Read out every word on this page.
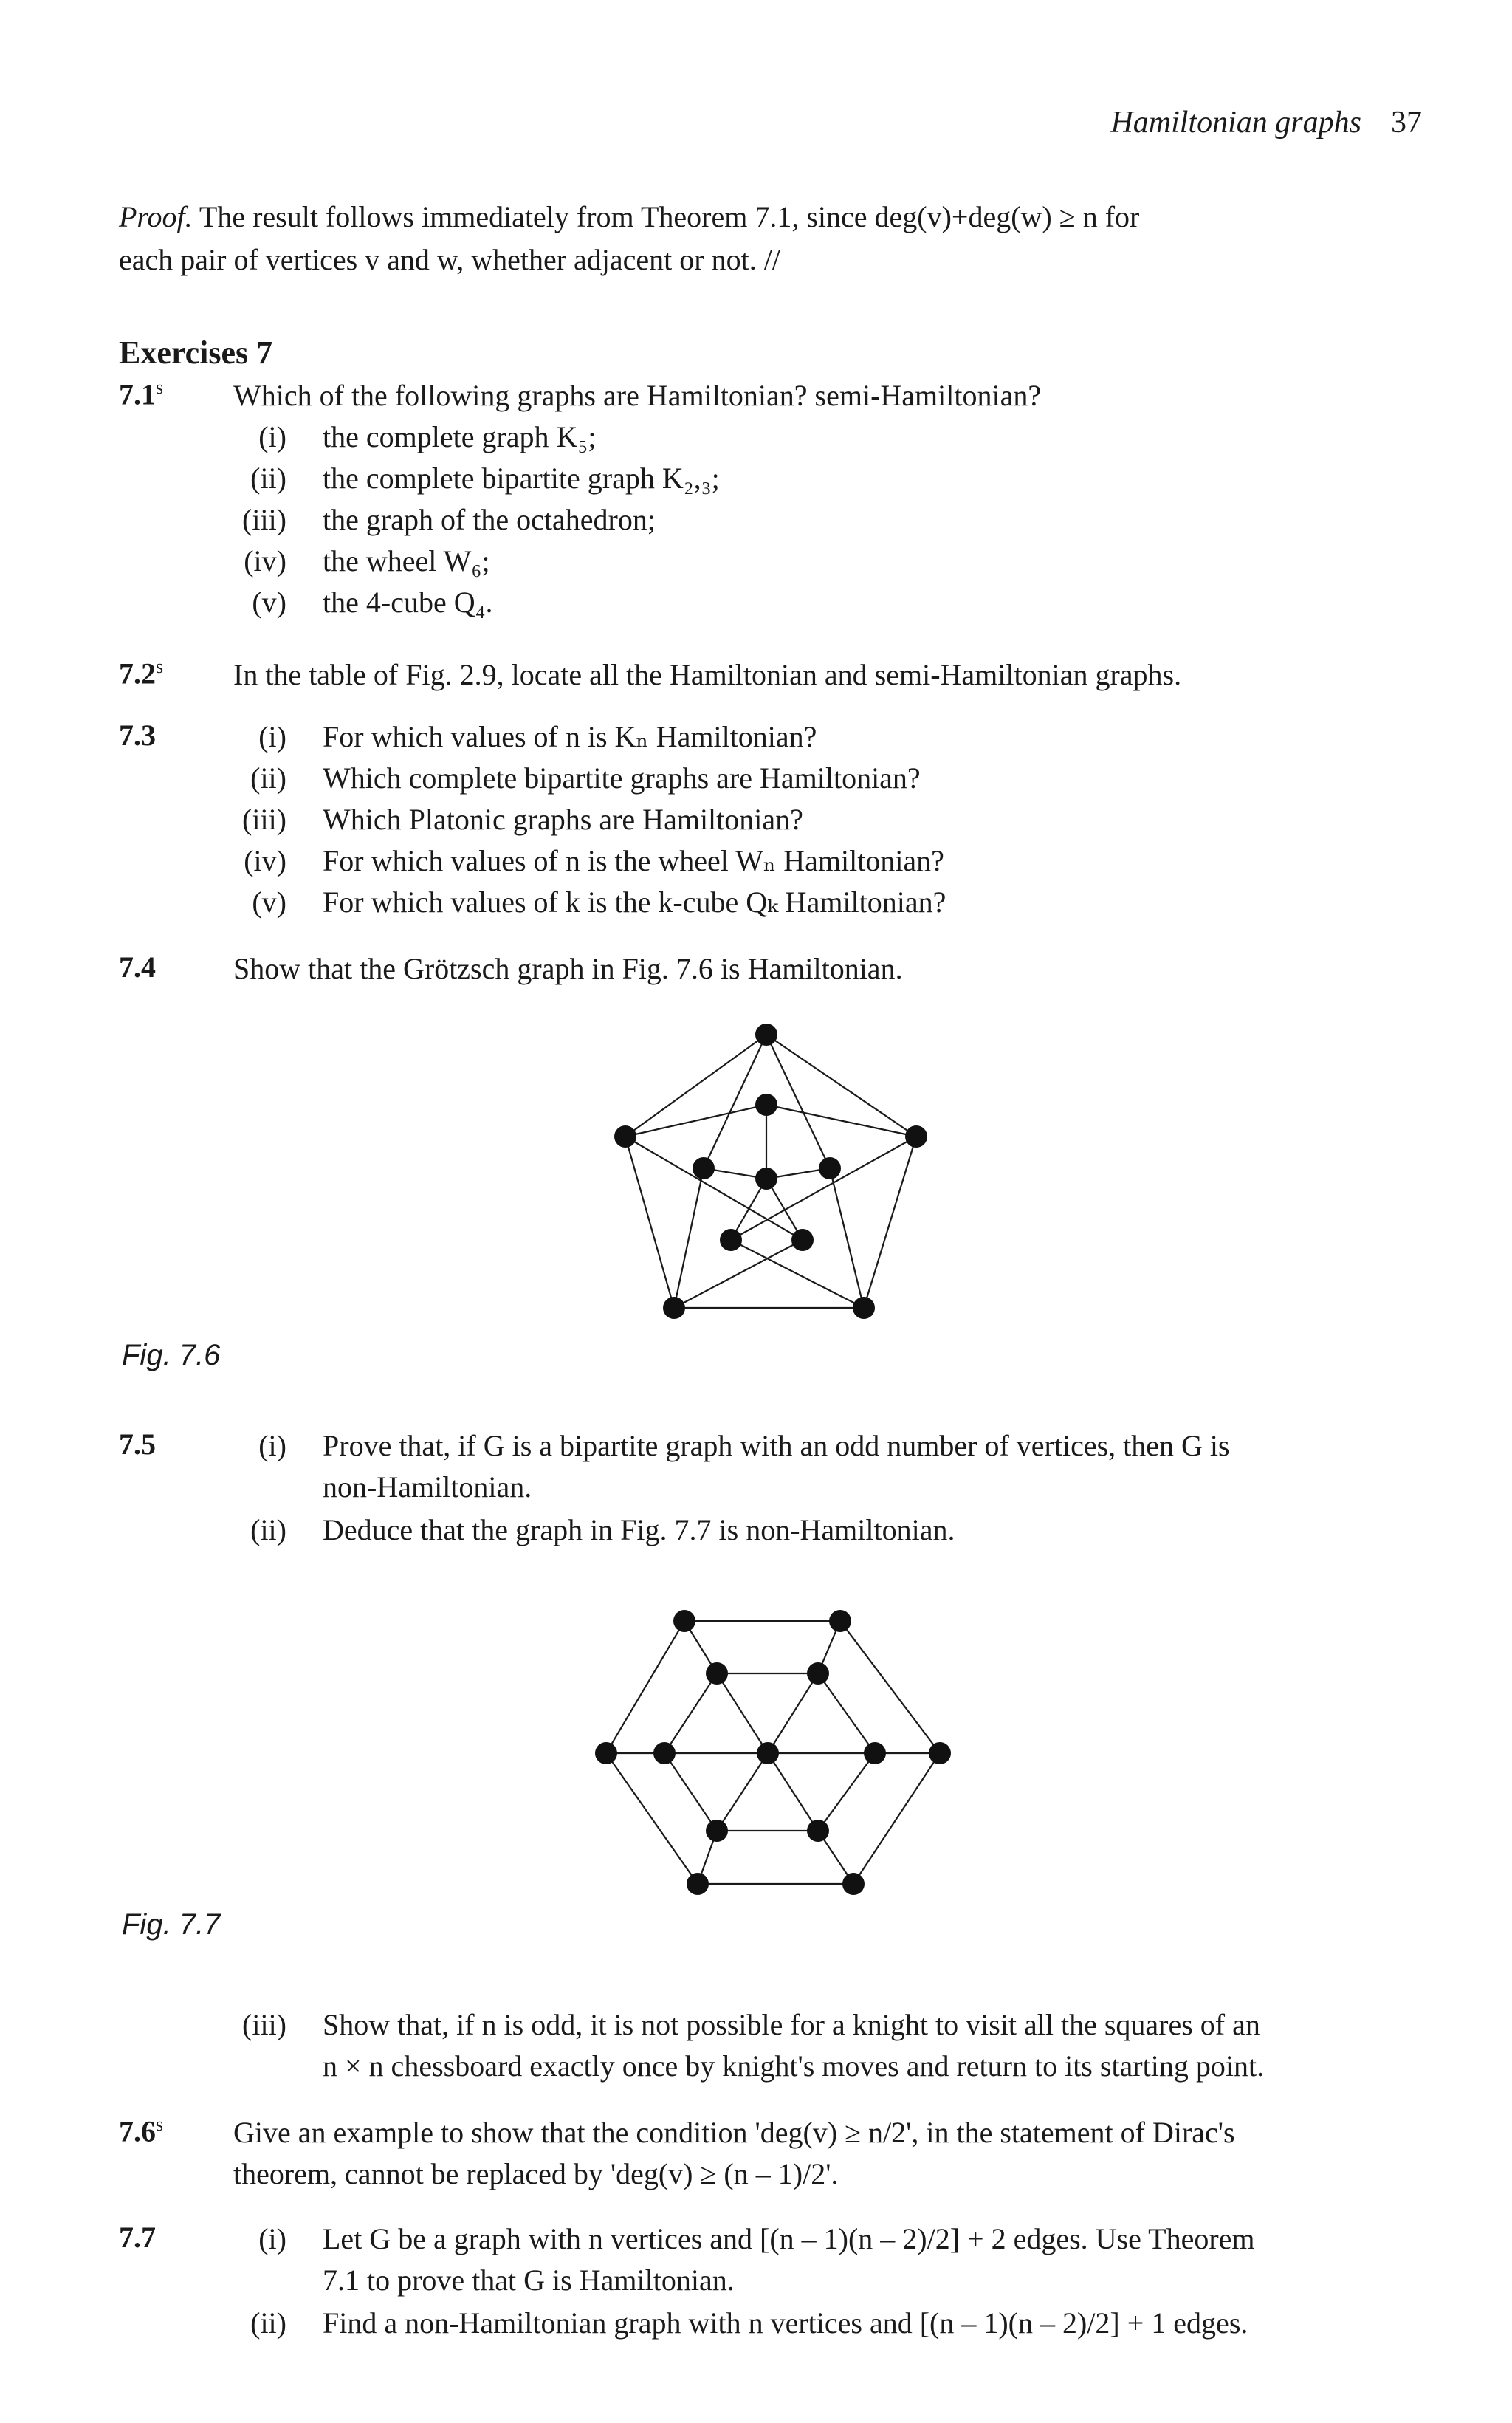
Hamiltonian graphs 37
Proof. The result follows immediately from Theorem 7.1, since deg(v)+deg(w) ≥ n for
each pair of vertices v and w, whether adjacent or not. //
Exercises 7
7.1$^s$ Which of the following graphs are Hamiltonian? semi-Hamiltonian?
(i) the complete graph K₅;
(ii) the complete bipartite graph K₂,₃;
(iii) the graph of the octahedron;
(iv) the wheel W₆;
(v) the 4-cube Q₄.
7.2$^s$ In the table of Fig. 2.9, locate all the Hamiltonian and semi-Hamiltonian graphs.
7.3	(i) For which values of n is Kₙ Hamiltonian?
(ii) Which complete bipartite graphs are Hamiltonian?
(iii) Which Platonic graphs are Hamiltonian?
(iv) For which values of n is the wheel Wₙ Hamiltonian?
(v) For which values of k is the k-cube Qₖ Hamiltonian?
7.4	Show that the Grötzsch graph in Fig. 7.6 is Hamiltonian.
Fig. 7.6
7.5	(i) Prove that, if G is a bipartite graph with an odd number of vertices, then G is
non-Hamiltonian.
(ii) Deduce that the graph in Fig. 7.7 is non-Hamiltonian.
Fig. 7.7
(iii) Show that, if n is odd, it is not possible for a knight to visit all the squares of an
n × n chessboard exactly once by knight's moves and return to its starting point.
7.6$^s$ Give an example to show that the condition 'deg(v) ≥ n/2', in the statement of Dirac's
theorem, cannot be replaced by 'deg(v) ≥ (n – 1)/2'.
7.7	(i) Let G be a graph with n vertices and [(n – 1)(n – 2)/2] + 2 edges. Use Theorem
7.1 to prove that G is Hamiltonian.
(ii) Find a non-Hamiltonian graph with n vertices and [(n – 1)(n – 2)/2] + 1 edges.
